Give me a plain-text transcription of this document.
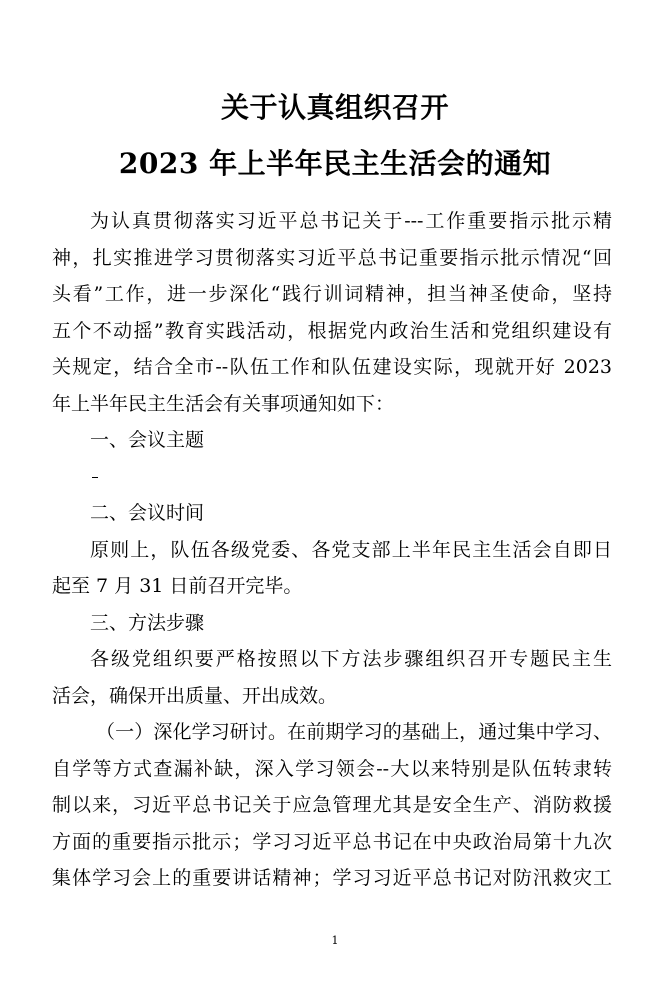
关于认真组织召开
2023 年上半年民主生活会的通知
为认真贯彻落实习近平总书记关于---工作重要指示批示精
神，扎实推进学习贯彻落实习近平总书记重要指示批示情况“回
头看”工作，进一步深化“践行训词精神，担当神圣使命，坚持
五个不动摇”教育实践活动，根据党内政治生活和党组织建设有
关规定，结合全市--队伍工作和队伍建设实际，现就开好 2023
年上半年民主生活会有关事项通知如下：
一、会议主题
二、会议时间
原则上，队伍各级党委、各党支部上半年民主生活会自即日
起至 7 月 31 日前召开完毕。
三、方法步骤
各级党组织要严格按照以下方法步骤组织召开专题民主生
活会，确保开出质量、开出成效。
（一）深化学习研讨。在前期学习的基础上，通过集中学习、
自学等方式查漏补缺，深入学习领会--大以来特别是队伍转隶转
制以来，习近平总书记关于应急管理尤其是安全生产、消防救援
方面的重要指示批示；学习习近平总书记在中央政治局第十九次
集体学习会上的重要讲话精神；学习习近平总书记对防汛救灾工
1
